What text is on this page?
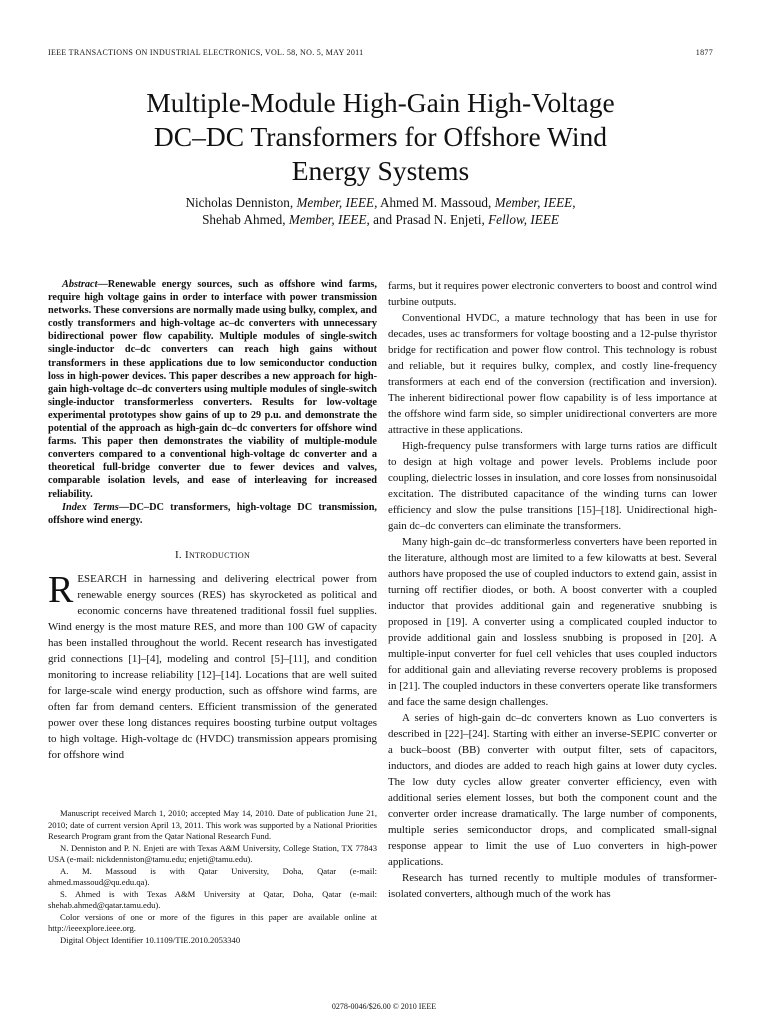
IEEE TRANSACTIONS ON INDUSTRIAL ELECTRONICS, VOL. 58, NO. 5, MAY 2011	1877
Multiple-Module High-Gain High-Voltage
DC–DC Transformers for Offshore Wind
Energy Systems
Nicholas Denniston, Member, IEEE, Ahmed M. Massoud, Member, IEEE,
Shehab Ahmed, Member, IEEE, and Prasad N. Enjeti, Fellow, IEEE

Abstract—Renewable energy sources, such as offshore wind farms, require high voltage gains in order to interface with power transmission networks. These conversions are normally made using bulky, complex, and costly transformers and high-voltage ac–dc converters with unnecessary bidirectional power flow capability. Multiple modules of single-switch single-inductor dc–dc converters can reach high gains without transformers in these applications due to low semiconductor conduction loss in high-power devices. This paper describes a new approach for high-gain high-voltage dc–dc converters using multiple modules of single-switch single-inductor transformerless converters. Results for low-voltage experimental prototypes show gains of up to 29 p.u. and demonstrate the potential of the approach as high-gain dc–dc converters for offshore wind farms. This paper then demonstrates the viability of multiple-module converters compared to a conventional high-voltage dc converter and a theoretical full-bridge converter due to fewer devices and valves, comparable isolation levels, and ease of interleaving for increased reliability.

Index Terms—DC–DC transformers, high-voltage DC transmission, offshore wind energy.

I. Introduction

RESEARCH in harnessing and delivering electrical power from renewable energy sources (RES) has skyrocketed as political and economic concerns have threatened traditional fossil fuel supplies. Wind energy is the most mature RES, and more than 100 GW of capacity has been installed throughout the world. Recent research has investigated grid connections [1]–[4], modeling and control [5]–[11], and condition monitoring to increase reliability [12]–[14]. Locations that are well suited for large-scale wind energy production, such as offshore wind farms, are often far from demand centers. Efficient transmission of the generated power over these long distances requires boosting turbine output voltages to high voltage. High-voltage dc (HVDC) transmission appears promising for offshore wind

Manuscript received March 1, 2010; accepted May 14, 2010. Date of publication June 21, 2010; date of current version April 13, 2011. This work was supported by a National Priorities Research Program grant from the Qatar National Research Fund.

N. Denniston and P. N. Enjeti are with Texas A&M University, College Station, TX 77843 USA (e-mail: nickdenniston@tamu.edu; enjeti@tamu.edu).

A. M. Massoud is with Qatar University, Doha, Qatar (e-mail: ahmed.massoud@qu.edu.qa).

S. Ahmed is with Texas A&M University at Qatar, Doha, Qatar (e-mail: shehab.ahmed@qatar.tamu.edu).

Color versions of one or more of the figures in this paper are available online at http://ieeexplore.ieee.org.

Digital Object Identifier 10.1109/TIE.2010.2053340

farms, but it requires power electronic converters to boost and control wind turbine outputs.

Conventional HVDC, a mature technology that has been in use for decades, uses ac transformers for voltage boosting and a 12-pulse thyristor bridge for rectification and power flow control. This technology is robust and reliable, but it requires bulky, complex, and costly line-frequency transformers at each end of the conversion (rectification and inversion). The inherent bidirectional power flow capability is of less importance at the offshore wind farm side, so simpler unidirectional converters are more attractive in these applications.

High-frequency pulse transformers with large turns ratios are difficult to design at high voltage and power levels. Problems include poor coupling, dielectric losses in insulation, and core losses from nonsinusoidal excitation. The distributed capacitance of the winding turns can lower efficiency and slow the pulse transitions [15]–[18]. Unidirectional high-gain dc–dc converters can eliminate the transformers.

Many high-gain dc–dc transformerless converters have been reported in the literature, although most are limited to a few kilowatts at best. Several authors have proposed the use of coupled inductors to extend gain, assist in turning off rectifier diodes, or both. A boost converter with a coupled inductor that provides additional gain and regenerative snubbing is proposed in [19]. A converter using a complicated coupled inductor to provide additional gain and lossless snubbing is proposed in [20]. A multiple-input converter for fuel cell vehicles that uses coupled inductors for additional gain and alleviating reverse recovery problems is proposed in [21]. The coupled inductors in these converters operate like transformers and face the same design challenges.

A series of high-gain dc–dc converters known as Luo converters is described in [22]–[24]. Starting with either an inverse-SEPIC converter or a buck–boost (BB) converter with output filter, sets of capacitors, inductors, and diodes are added to reach high gains at lower duty cycles. The low duty cycles allow greater converter efficiency, even with additional series element losses, but both the component count and the converter order increase dramatically. The large number of components, multiple series semiconductor drops, and complicated small-signal response appear to limit the use of Luo converters in high-power applications.

Research has turned recently to multiple modules of transformer-isolated converters, although much of the work has

0278-0046/$26.00 © 2010 IEEE
